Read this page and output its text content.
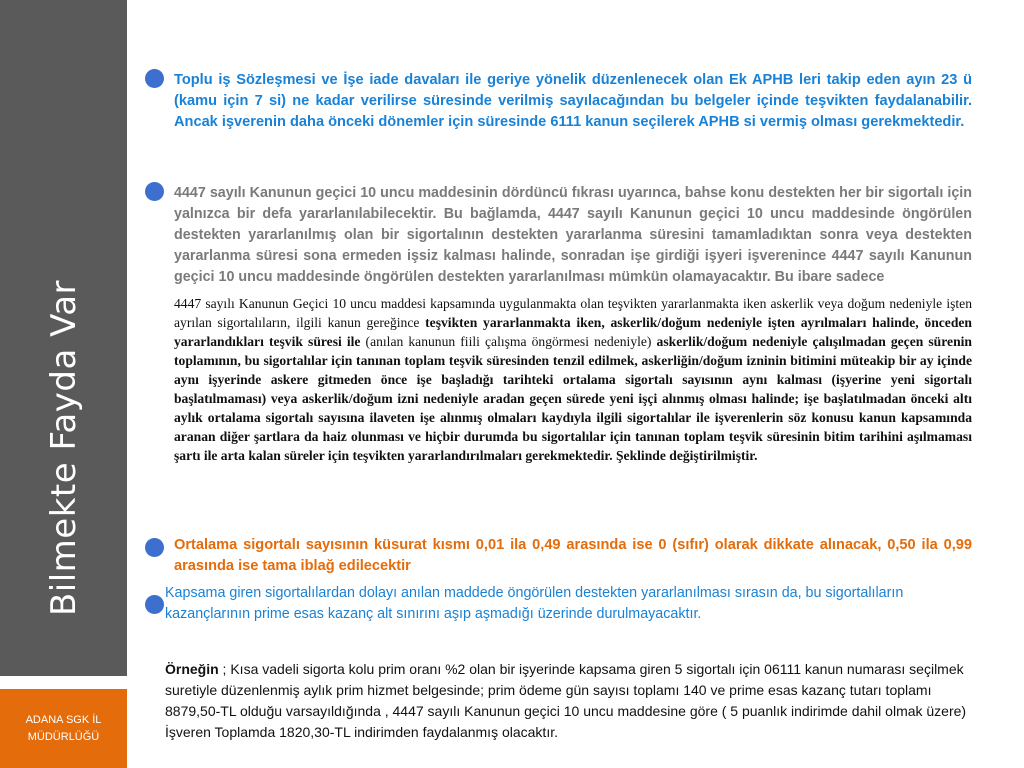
Bilmekte Fayda Var
ADANA SGK İL
MÜDÜRLÜĞÜ

Toplu iş Sözleşmesi ve İşe iade davaları ile geriye yönelik düzenlenecek olan Ek APHB leri takip eden ayın 23 ü (kamu için 7 si) ne kadar verilirse süresinde verilmiş sayılacağından bu belgeler içinde teşvikten faydalanabilir. Ancak işverenin daha önceki dönemler için süresinde 6111 kanun seçilerek APHB si vermiş olması gerekmektedir.

4447 sayılı Kanunun geçici 10 uncu maddesinin dördüncü fıkrası uyarınca, bahse konu destekten her bir sigortalı için yalnızca bir defa yararlanılabilecektir. Bu bağlamda, 4447 sayılı Kanunun geçici 10 uncu maddesinde öngörülen destekten yararlanılmış olan bir sigortalının destekten yararlanma süresini tamamladıktan sonra veya destekten yararlanma süresi sona ermeden işsiz kalması halinde, sonradan işe girdiği işyeri işverenince 4447 sayılı Kanunun geçici 10 uncu maddesinde öngörülen destekten yararlanılması mümkün olamayacaktır. Bu ibare sadece

4447 sayılı Kanunun Geçici 10 uncu maddesi kapsamında uygulanmakta olan teşvikten yararlanmakta iken askerlik veya doğum nedeniyle işten ayrılan sigortalıların, ilgili kanun gereğince teşvikten yararlanmakta iken, askerlik/doğum nedeniyle işten ayrılmaları halinde, önceden yararlandıkları teşvik süresi ile (anılan kanunun fiili çalışma öngörmesi nedeniyle) askerlik/doğum nedeniyle çalışılmadan geçen sürenin toplamının, bu sigortalılar için tanınan toplam teşvik süresinden tenzil edilmek, askerliğin/doğum izninin bitimini müteakip bir ay içinde aynı işyerinde askere gitmeden önce işe başladığı tarihteki ortalama sigortalı sayısının aynı kalması (işyerine yeni sigortalı başlatılmaması) veya askerlik/doğum izni nedeniyle aradan geçen sürede yeni işçi alınmış olması halinde; işe başlatılmadan önceki altı aylık ortalama sigortalı sayısına ilaveten işe alınmış olmaları kaydıyla ilgili sigortalılar ile işverenlerin söz konusu kanun kapsamında aranan diğer şartlara da haiz olunması ve hiçbir durumda bu sigortalılar için tanınan toplam teşvik süresinin bitim tarihini aşılmaması şartı ile arta kalan süreler için teşvikten yararlandırılmaları gerekmektedir. Şeklinde değiştirilmiştir.

Ortalama sigortalı sayısının küsurat kısmı 0,01 ila 0,49 arasında ise 0 (sıfır) olarak dikkate alınacak, 0,50 ila 0,99 arasında ise tama iblağ edilecektir

Kapsama giren sigortalılardan dolayı anılan maddede öngörülen destekten yararlanılması sırasın da, bu sigortalıların kazançlarının prime esas kazanç alt sınırını aşıp aşmadığı üzerinde durulmayacaktır.

Örneğin ; Kısa vadeli sigorta kolu prim oranı %2 olan bir işyerinde kapsama giren 5 sigortalı için 06111 kanun numarası seçilmek suretiyle düzenlenmiş aylık prim hizmet belgesinde; prim ödeme gün sayısı toplamı 140 ve prime esas kazanç tutarı toplamı 8879,50-TL olduğu varsayıldığında , 4447 sayılı Kanunun geçici 10 uncu maddesine göre ( 5 puanlık indirimde dahil olmak üzere) İşveren Toplamda 1820,30-TL indirimden faydalanmış olacaktır.
